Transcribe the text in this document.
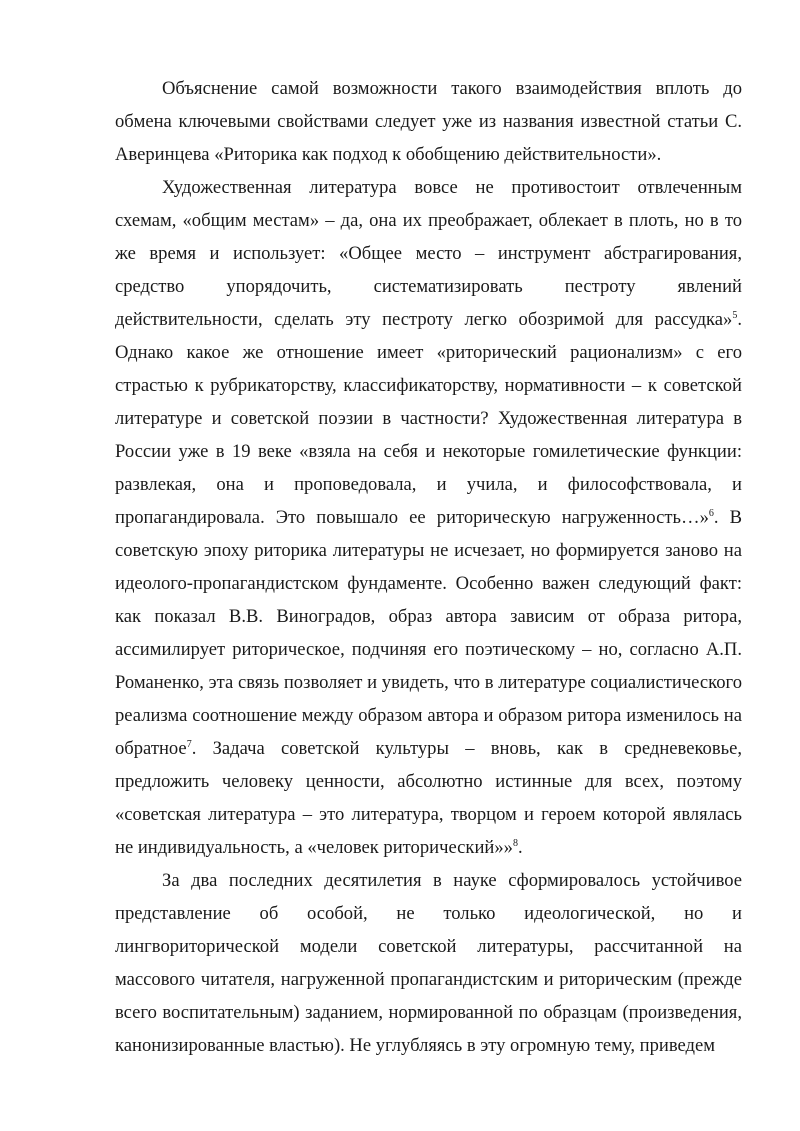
Объяснение самой возможности такого взаимодействия вплоть до обмена ключевыми свойствами следует уже из названия известной статьи С. Аверинцева «Риторика как подход к обобщению действительности».

Художественная литература вовсе не противостоит отвлеченным схемам, «общим местам» – да, она их преображает, облекает в плоть, но в то же время и использует: «Общее место – инструмент абстрагирования, средство упорядочить, систематизировать пестроту явлений действительности, сделать эту пестроту легко обозримой для рассудка»$^5$. Однако какое же отношение имеет «риторический рационализм» с его страстью к рубрикаторству, классификаторству, нормативности – к советской литературе и советской поэзии в частности? Художественная литература в России уже в 19 веке «взяла на себя и некоторые гомилетические функции: развлекая, она и проповедовала, и учила, и философствовала, и пропагандировала. Это повышало ее риторическую нагруженность…»$^6$. В советскую эпоху риторика литературы не исчезает, но формируется заново на идеолого-пропагандистском фундаменте. Особенно важен следующий факт: как показал В.В. Виноградов, образ автора зависим от образа ритора, ассимилирует риторическое, подчиняя его поэтическому – но, согласно А.П. Романенко, эта связь позволяет и увидеть, что в литературе социалистического реализма соотношение между образом автора и образом ритора изменилось на обратное$^7$. Задача советской культуры – вновь, как в средневековье, предложить человеку ценности, абсолютно истинные для всех, поэтому «советская литература – это литература, творцом и героем которой являлась не индивидуальность, а «человек риторический»»$^8$.

За два последних десятилетия в науке сформировалось устойчивое представление об особой, не только идеологической, но и лингвориторической модели советской литературы, рассчитанной на массового читателя, нагруженной пропагандистским и риторическим (прежде всего воспитательным) заданием, нормированной по образцам (произведения, канонизированные властью). Не углубляясь в эту огромную тему, приведем
